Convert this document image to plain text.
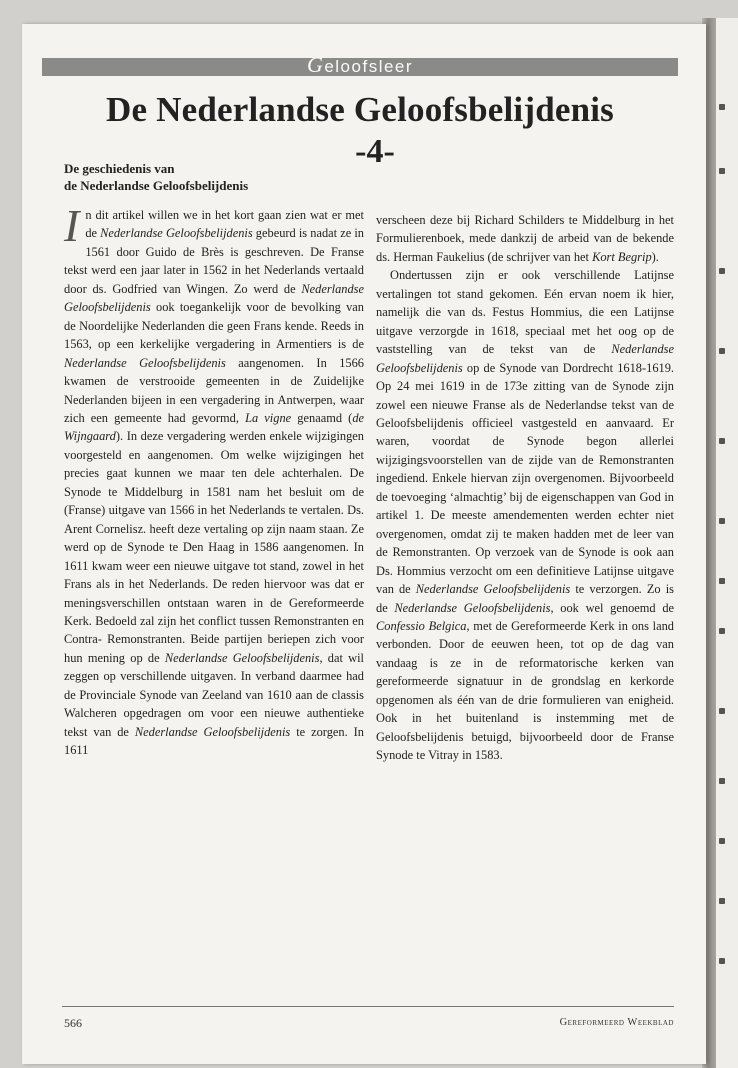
Geloofsleer
De Nederlandse Geloofsbelijdenis

-4-

De geschiedenis van
de Nederlandse Geloofsbelijdenis

In dit artikel willen we in het kort gaan zien wat er met de Nederlandse Geloofsbelijdenis gebeurd is nadat ze in 1561 door Guido de Brès is geschreven. De Franse tekst werd een jaar later in 1562 in het Nederlands vertaald door ds. Godfried van Wingen. Zo werd de Nederlandse Geloofsbelijdenis ook toegankelijk voor de bevolking van de Noordelijke Nederlanden die geen Frans kende. Reeds in 1563, op een kerkelijke vergadering in Armentiers is de Nederlandse Geloofsbelijdenis aangenomen. In 1566 kwamen de verstrooide gemeenten in de Zuidelijke Nederlanden bijeen in een vergadering in Antwerpen, waar zich een gemeente had gevormd, La vigne genaamd (de Wijngaard). In deze vergadering werden enkele wijzigingen voorgesteld en aangenomen. Om welke wijzigingen het precies gaat kunnen we maar ten dele achterhalen. De Synode te Middelburg in 1581 nam het besluit om de (Franse) uitgave van 1566 in het Nederlands te vertalen. Ds. Arent Cornelisz. heeft deze vertaling op zijn naam staan. Ze werd op de Synode te Den Haag in 1586 aangenomen. In 1611 kwam weer een nieuwe uitgave tot stand, zowel in het Frans als in het Nederlands. De reden hiervoor was dat er meningsverschillen ontstaan waren in de Gereformeerde Kerk. Bedoeld zal zijn het conflict tussen Remonstranten en Contra- Remonstranten. Beide partijen beriepen zich voor hun mening op de Nederlandse Geloofsbelijdenis, dat wil zeggen op verschillende uitgaven. In verband daarmee had de Provinciale Synode van Zeeland van 1610 aan de classis Walcheren opgedragen om voor een nieuwe authentieke tekst van de Nederlandse Geloofsbelijdenis te zorgen. In 1611

verscheen deze bij Richard Schilders te Middelburg in het Formulierenboek, mede dankzij de arbeid van de bekende ds. Herman Faukelius (de schrijver van het Kort Begrip).

Ondertussen zijn er ook verschillende Latijnse vertalingen tot stand gekomen. Eén ervan noem ik hier, namelijk die van ds. Festus Hommius, die een Latijnse uitgave verzorgde in 1618, speciaal met het oog op de vaststelling van de tekst van de Nederlandse Geloofsbelijdenis op de Synode van Dordrecht 1618-1619. Op 24 mei 1619 in de 173e zitting van de Synode zijn zowel een nieuwe Franse als de Nederlandse tekst van de Geloofsbelijdenis officieel vastgesteld en aanvaard. Er waren, voordat de Synode begon allerlei wijzigingsvoorstellen van de zijde van de Remonstranten ingediend. Enkele hiervan zijn overgenomen. Bijvoorbeeld de toevoeging ‘almachtig’ bij de eigenschappen van God in artikel 1. De meeste amendementen werden echter niet overgenomen, omdat zij te maken hadden met de leer van de Remonstranten. Op verzoek van de Synode is ook aan Ds. Hommius verzocht om een definitieve Latijnse uitgave van de Nederlandse Geloofsbelijdenis te verzorgen. Zo is de Nederlandse Geloofsbelijdenis, ook wel genoemd de Confessio Belgica, met de Gereformeerde Kerk in ons land verbonden. Door de eeuwen heen, tot op de dag van vandaag is ze in de reformatorische kerken van gereformeerde signatuur in de grondslag en kerkorde opgenomen als één van de drie formulieren van enigheid. Ook in het buitenland is instemming met de Geloofsbelijdenis betuigd, bijvoorbeeld door de Franse Synode te Vitray in 1583.

566	Gereformeerd Weekblad
